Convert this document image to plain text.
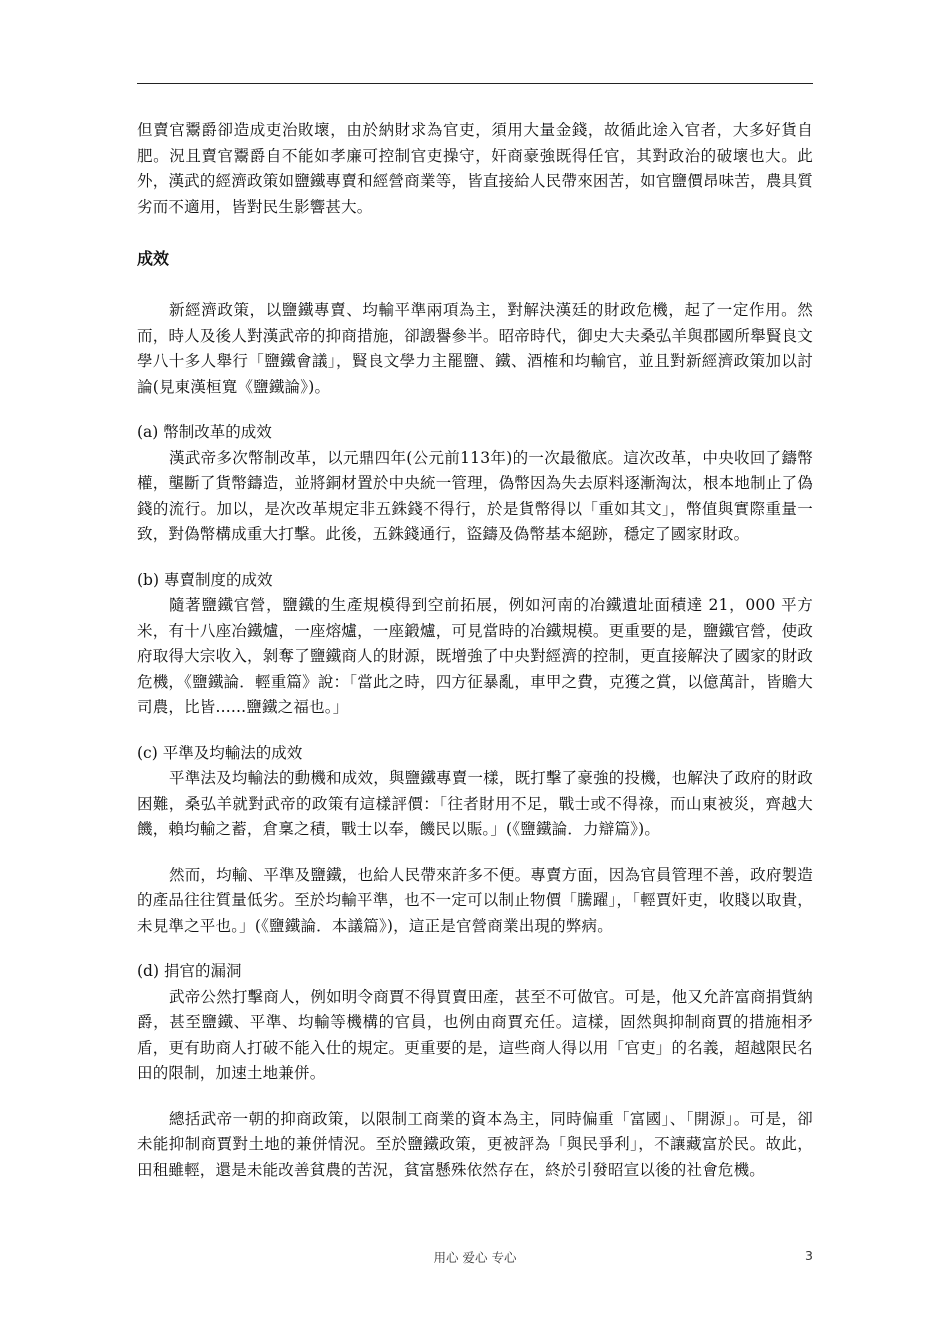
但賣官鬻爵卻造成吏治敗壞，由於納財求為官吏，須用大量金錢，故循此途入官者，大多好貨自肥。況且賣官鬻爵自不能如孝廉可控制官吏操守，奸商豪強既得任官，其對政治的破壞也大。此外，漢武的經濟政策如鹽鐵專賣和經營商業等，皆直接給人民帶來困苦，如官鹽價昂味苦，農具質劣而不適用，皆對民生影響甚大。

成效

新經濟政策，以鹽鐵專賣、均輸平準兩項為主，對解決漢廷的財政危機，起了一定作用。然而，時人及後人對漢武帝的抑商措施，卻譭譽參半。昭帝時代，御史大夫桑弘羊與郡國所舉賢良文學八十多人舉行「鹽鐵會議」，賢良文學力主罷鹽、鐵、酒榷和均輸官，並且對新經濟政策加以討論(見東漢桓寬《鹽鐵論》)。

(a) 幣制改革的成效

漢武帝多次幣制改革，以元鼎四年(公元前113年)的一次最徹底。這次改革，中央收回了鑄幣權，壟斷了貨幣鑄造，並將銅材置於中央統一管理，偽幣因為失去原料逐漸淘汰，根本地制止了偽錢的流行。加以，是次改革規定非五銖錢不得行，於是貨幣得以「重如其文」，幣值與實際重量一致，對偽幣構成重大打擊。此後，五銖錢通行，盜鑄及偽幣基本絕跡，穩定了國家財政。

(b) 專賣制度的成效

隨著鹽鐵官營，鹽鐵的生產規模得到空前拓展，例如河南的冶鐵遺址面積達 21，000 平方米，有十八座冶鐵爐，一座熔爐，一座鍛爐，可見當時的冶鐵規模。更重要的是，鹽鐵官營，使政府取得大宗收入，剝奪了鹽鐵商人的財源，既增強了中央對經濟的控制，更直接解決了國家的財政危機，《鹽鐵論．輕重篇》說：「當此之時，四方征暴亂，車甲之費，克獲之賞，以億萬計，皆贍大司農，比皆......鹽鐵之福也。」

(c) 平準及均輸法的成效

平準法及均輸法的動機和成效，與鹽鐵專賣一樣，既打擊了豪強的投機，也解決了政府的財政困難，桑弘羊就對武帝的政策有這樣評價：「往者財用不足，戰士或不得祿，而山東被災，齊越大饑，賴均輸之蓄，倉稟之積，戰士以奉，饑民以賑。」(《鹽鐵論．力辯篇》)。

然而，均輸、平準及鹽鐵，也給人民帶來許多不便。專賣方面，因為官員管理不善，政府製造的產品往往質量低劣。至於均輸平準，也不一定可以制止物價「騰躍」，「輕賈奸吏，收賤以取貴，未見準之平也。」(《鹽鐵論．本議篇》)，這正是官營商業出現的弊病。

(d) 捐官的漏洞

武帝公然打擊商人，例如明令商賈不得買賣田產，甚至不可做官。可是，他又允許富商捐貲納爵，甚至鹽鐵、平準、均輸等機構的官員，也例由商賈充任。這樣，固然與抑制商賈的措施相矛盾，更有助商人打破不能入仕的規定。更重要的是，這些商人得以用「官吏」的名義，超越限民名田的限制，加速土地兼併。

總括武帝一朝的抑商政策，以限制工商業的資本為主，同時偏重「富國」、「開源」。可是，卻未能抑制商賈對土地的兼併情況。至於鹽鐵政策，更被評為「與民爭利」，不讓藏富於民。故此，田租雖輕，還是未能改善貧農的苦況，貧富懸殊依然存在，終於引發昭宣以後的社會危機。

用心 爱心 专心	3
